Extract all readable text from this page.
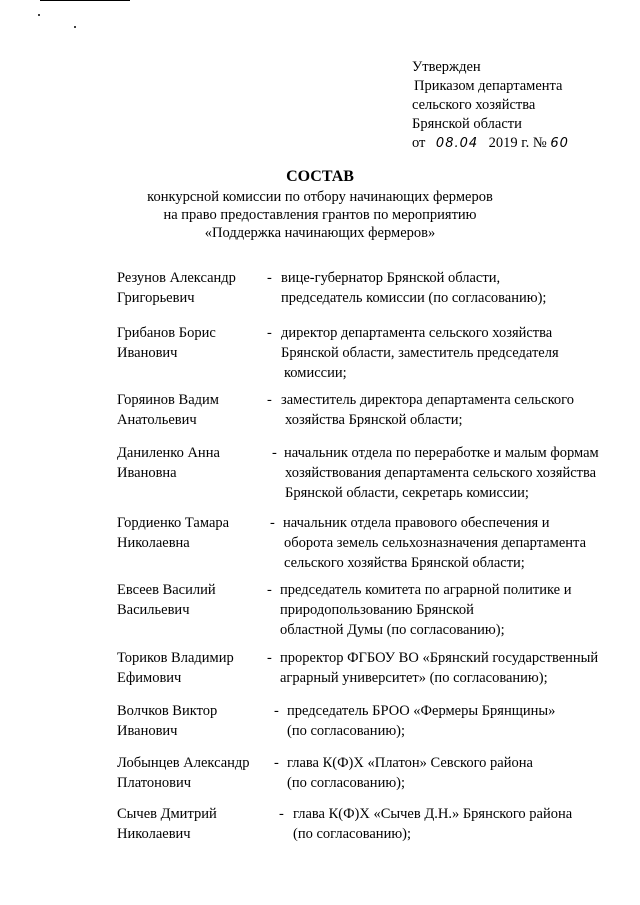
Утвержден
Приказом департамента
сельского хозяйства
Брянской области
от 08.04 2019 г. № 60
СОСТАВ
конкурсной комиссии по отбору начинающих фермеров
на право предоставления грантов по мероприятию
«Поддержка начинающих фермеров»
Резунов Александр
Григорьевич
- вице-губернатор Брянской области,
председатель комиссии (по согласованию);
Грибанов Борис
Иванович
- директор департамента сельского хозяйства
Брянской области, заместитель председателя
комиссии;
Горяинов Вадим
Анатольевич
- заместитель директора департамента сельского
хозяйства Брянской области;
Даниленко Анна
Ивановна
- начальник отдела по переработке и малым формам
хозяйствования департамента сельского хозяйства
Брянской области, секретарь комиссии;
Гордиенко Тамара
Николаевна
- начальник отдела правового обеспечения и
оборота земель сельхозназначения департамента
сельского хозяйства Брянской области;
Евсеев Василий
Васильевич
- председатель комитета по аграрной политике и
природопользованию Брянской
областной Думы (по согласованию);
Ториков Владимир
Ефимович
- проректор ФГБОУ ВО «Брянский государственный
аграрный университет» (по согласованию);
Волчков Виктор
Иванович
- председатель БРОО «Фермеры Брянщины»
(по согласованию);
Лобынцев Александр
Платонович
- глава К(Ф)Х «Платон» Севского района
(по согласованию);
Сычев Дмитрий
Николаевич
- глава К(Ф)Х «Сычев Д.Н.» Брянского района
(по согласованию);
